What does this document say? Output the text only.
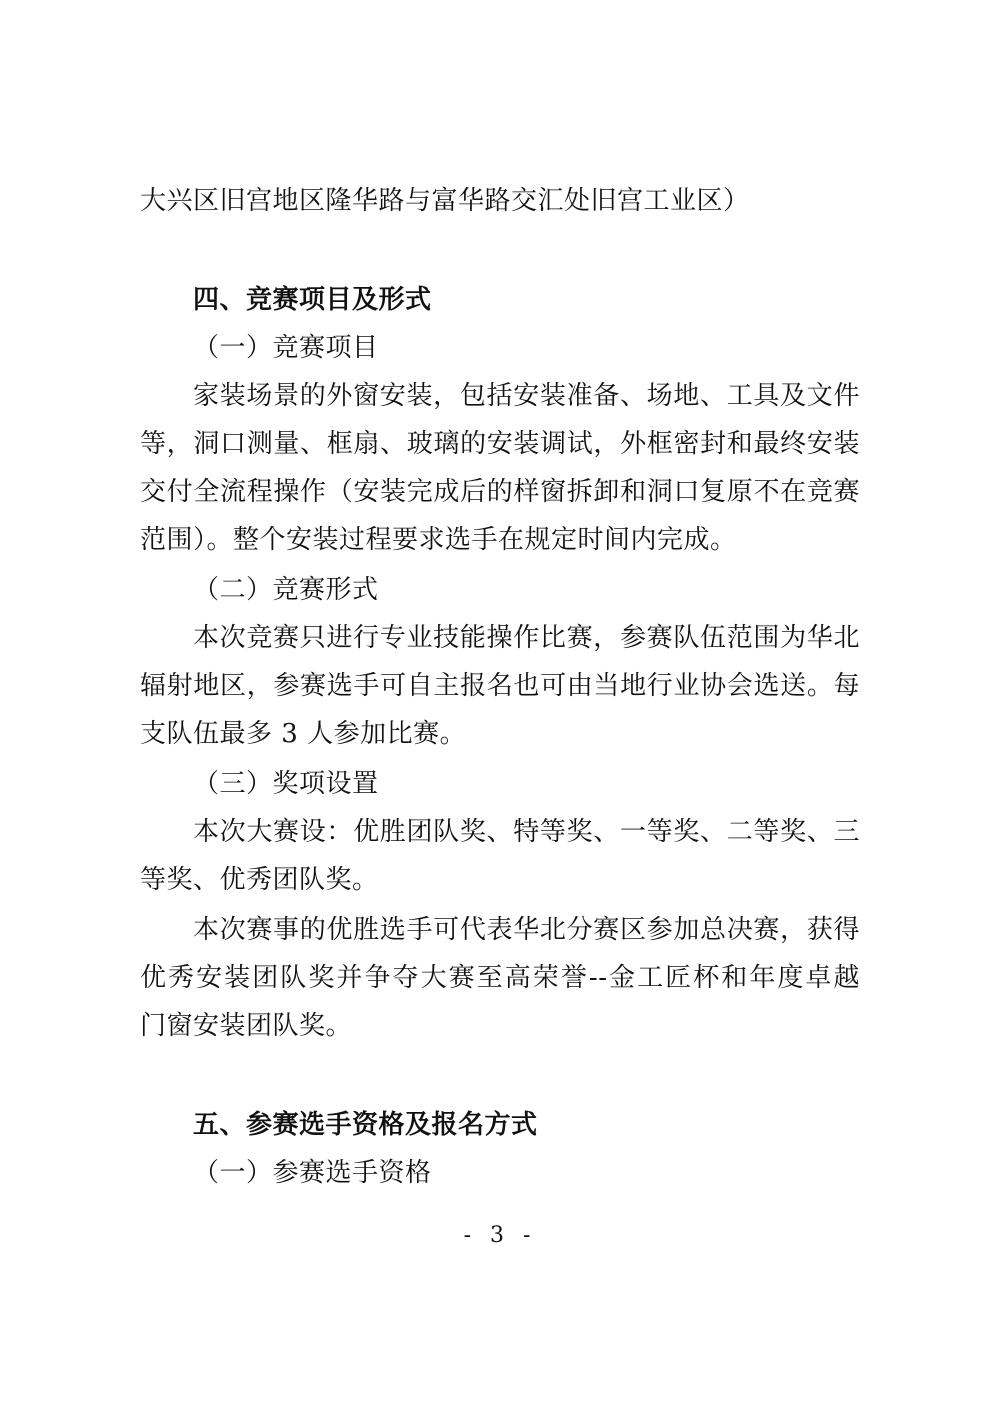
大兴区旧宫地区隆华路与富华路交汇处旧宫工业区）
四、竞赛项目及形式
（一）竞赛项目
家装场景的外窗安装，包括安装准备、场地、工具及文件
等，洞口测量、框扇、玻璃的安装调试，外框密封和最终安装
交付全流程操作（安装完成后的样窗拆卸和洞口复原不在竞赛
范围）。整个安装过程要求选手在规定时间内完成。
（二）竞赛形式
本次竞赛只进行专业技能操作比赛，参赛队伍范围为华北
辐射地区，参赛选手可自主报名也可由当地行业协会选送。每
支队伍最多 3 人参加比赛。
（三）奖项设置
本次大赛设：优胜团队奖、特等奖、一等奖、二等奖、三
等奖、优秀团队奖。
本次赛事的优胜选手可代表华北分赛区参加总决赛，获得
优秀安装团队奖并争夺大赛至高荣誉--金工匠杯和年度卓越
门窗安装团队奖。
五、参赛选手资格及报名方式
（一）参赛选手资格
- 3 -
